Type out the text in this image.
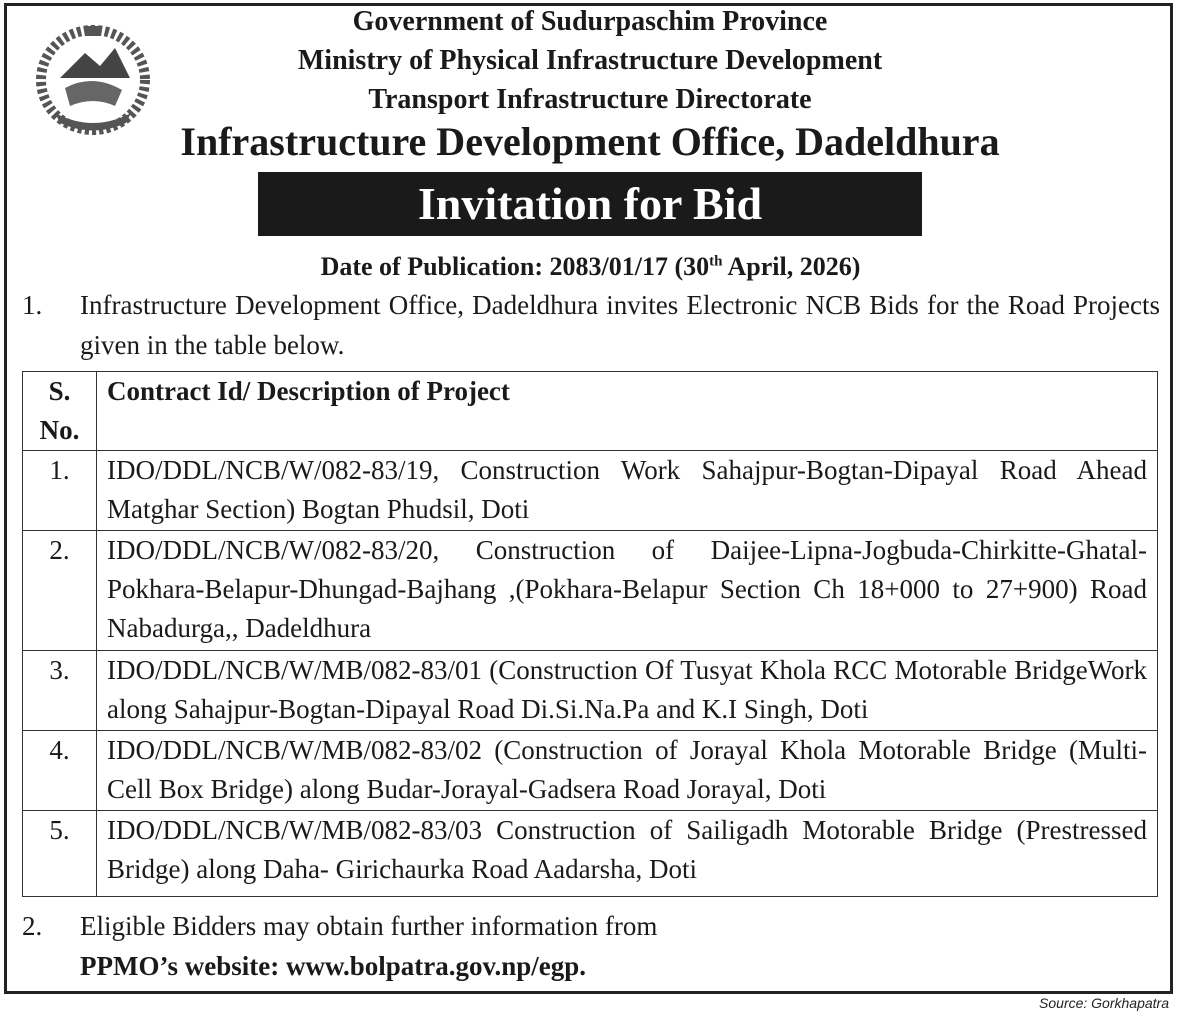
Government of Sudurpaschim Province
Ministry of Physical Infrastructure Development
Transport Infrastructure Directorate
Infrastructure Development Office, Dadeldhura
Invitation for Bid
Date of Publication: 2083/01/17 (30th April, 2026)
1. Infrastructure Development Office, Dadeldhura invites Electronic NCB Bids for the Road Projects given in the table below.
S. No.	Contract Id/ Description of Project
1.	IDO/DDL/NCB/W/082-83/19, Construction Work Sahajpur-Bogtan-Dipayal Road Ahead Matghar Section) Bogtan Phudsil, Doti
2.	IDO/DDL/NCB/W/082-83/20, Construction of Daijee-Lipna-Jogbuda-Chirkitte-Ghatal-Pokhara-Belapur-Dhungad-Bajhang ,(Pokhara-Belapur Section Ch 18+000 to 27+900) Road Nabadurga,, Dadeldhura
3.	IDO/DDL/NCB/W/MB/082-83/01 (Construction Of Tusyat Khola RCC Motorable BridgeWork along Sahajpur-Bogtan-Dipayal Road Di.Si.Na.Pa and K.I Singh, Doti
4.	IDO/DDL/NCB/W/MB/082-83/02 (Construction of Jorayal Khola Motorable Bridge (Multi-Cell Box Bridge) along Budar-Jorayal-Gadsera Road Jorayal, Doti
5.	IDO/DDL/NCB/W/MB/082-83/03 Construction of Sailigadh Motorable Bridge (Prestressed Bridge) along Daha- Girichaurka Road Aadarsha, Doti
2. Eligible Bidders may obtain further information from
PPMO’s website: www.bolpatra.gov.np/egp.
Source: Gorkhapatra
